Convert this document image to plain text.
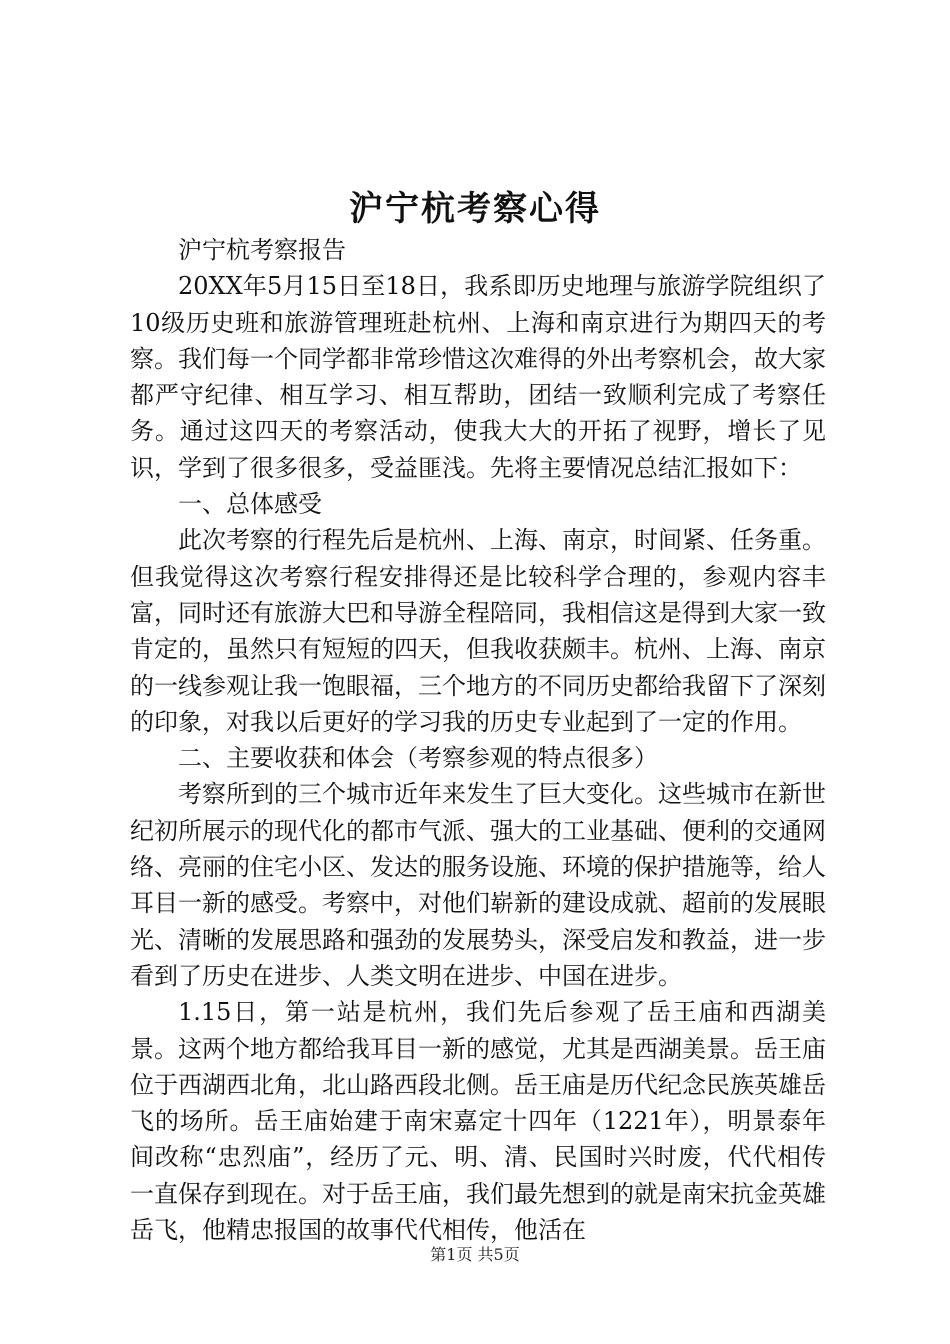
沪宁杭考察心得

沪宁杭考察报告

20XX年5月15日至18日，我系即历史地理与旅游学院组织了10级历史班和旅游管理班赴杭州、上海和南京进行为期四天的考察。我们每一个同学都非常珍惜这次难得的外出考察机会，故大家都严守纪律、相互学习、相互帮助，团结一致顺利完成了考察任务。通过这四天的考察活动，使我大大的开拓了视野，增长了见识，学到了很多很多，受益匪浅。先将主要情况总结汇报如下：

一、总体感受

此次考察的行程先后是杭州、上海、南京，时间紧、任务重。但我觉得这次考察行程安排得还是比较科学合理的，参观内容丰富，同时还有旅游大巴和导游全程陪同，我相信这是得到大家一致肯定的，虽然只有短短的四天，但我收获颇丰。杭州、上海、南京的一线参观让我一饱眼福，三个地方的不同历史都给我留下了深刻的印象，对我以后更好的学习我的历史专业起到了一定的作用。

二、主要收获和体会（考察参观的特点很多）

考察所到的三个城市近年来发生了巨大变化。这些城市在新世纪初所展示的现代化的都市气派、强大的工业基础、便利的交通网络、亮丽的住宅小区、发达的服务设施、环境的保护措施等，给人耳目一新的感受。考察中，对他们崭新的建设成就、超前的发展眼光、清晰的发展思路和强劲的发展势头，深受启发和教益，进一步看到了历史在进步、人类文明在进步、中国在进步。

1.15日，第一站是杭州，我们先后参观了岳王庙和西湖美景。这两个地方都给我耳目一新的感觉，尤其是西湖美景。岳王庙位于西湖西北角，北山路西段北侧。岳王庙是历代纪念民族英雄岳飞的场所。岳王庙始建于南宋嘉定十四年（1221年），明景泰年间改称“忠烈庙”，经历了元、明、清、民国时兴时废，代代相传一直保存到现在。对于岳王庙，我们最先想到的就是南宋抗金英雄岳飞，他精忠报国的故事代代相传，他活在

第1页 共5页
